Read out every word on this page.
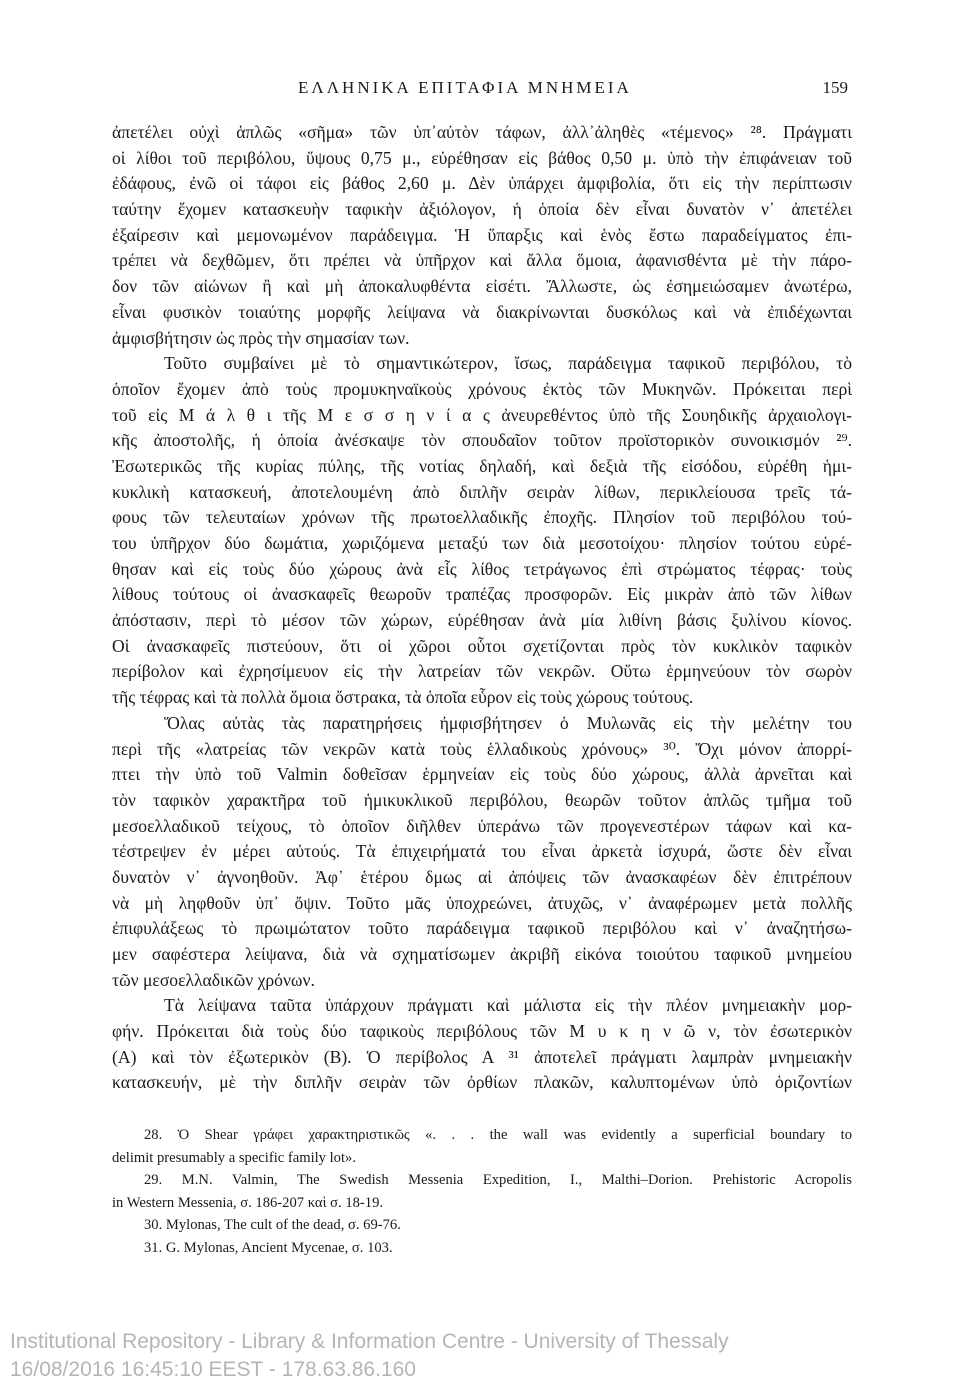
ΕΛΛΗΝΙΚΑ ΕΠΙΤΑΦΙΑ ΜΝΗΜΕΙΑ	159
ἀπετέλει οὐχὶ ἁπλῶς «σῆμα» τῶν ὑπ᾽αὐτὸν τάφων, ἀλλ᾽ἀληθὲς «τέμενος» ²⁸. Πράγματι
οἱ λίθοι τοῦ περιβόλου, ὕψους 0,75 μ., εὑρέθησαν εἰς βάθος 0,50 μ. ὑπὸ τὴν ἐπιφάνειαν τοῦ
ἐδάφους, ἐνῶ οἱ τάφοι εἰς βάθος 2,60 μ. Δὲν ὑπάρχει ἀμφιβολία, ὅτι εἰς τὴν περίπτωσιν
ταύτην ἔχομεν κατασκευὴν ταφικὴν ἀξιόλογον, ἡ ὁποία δὲν εἶναι δυνατὸν ν᾽ ἀπετέλει
ἐξαίρεσιν καὶ μεμονωμένον παράδειγμα. Ἡ ὕπαρξις καὶ ἑνὸς ἔστω παραδείγματος ἐπι-
τρέπει νὰ δεχθῶμεν, ὅτι πρέπει νὰ ὑπῆρχον καὶ ἄλλα ὅμοια, ἀφανισθέντα μὲ τὴν πάρο-
δον τῶν αἰώνων ἢ καὶ μὴ ἀποκαλυφθέντα εἰσέτι. Ἄλλωστε, ὡς ἐσημειώσαμεν ἀνωτέρω,
εἶναι φυσικὸν τοιαύτης μορφῆς λείψανα νὰ διακρίνωνται δυσκόλως καὶ νὰ ἐπιδέχωνται
ἀμφισβήτησιν ὡς πρὸς τὴν σημασίαν των.
Τοῦτο συμβαίνει μὲ τὸ σημαντικώτερον, ἴσως, παράδειγμα ταφικοῦ περιβόλου, τὸ
ὁποῖον ἔχομεν ἀπὸ τοὺς προμυκηναϊκοὺς χρόνους ἐκτὸς τῶν Μυκηνῶν. Πρόκειται περὶ
τοῦ εἰς Μ ά λ θ ι τῆς Μ ε σ σ η ν ί α ς ἀνευρεθέντος ὑπὸ τῆς Σουηδικῆς ἀρχαιολογι-
κῆς ἀποστολῆς, ἡ ὁποία ἀνέσκαψε τὸν σπουδαῖον τοῦτον προϊστορικὸν συνοικισμόν ²⁹.
Ἐσωτερικῶς τῆς κυρίας πύλης, τῆς νοτίας δηλαδή, καὶ δεξιὰ τῆς εἰσόδου, εὑρέθη ἡμι-
κυκλικὴ κατασκευή, ἀποτελουμένη ἀπὸ διπλῆν σειρὰν λίθων, περικλείουσα τρεῖς τά-
φους τῶν τελευταίων χρόνων τῆς πρωτοελλαδικῆς ἐποχῆς. Πλησίον τοῦ περιβόλου τού-
του ὑπῆρχον δύο δωμάτια, χωριζόμενα μεταξύ των διὰ μεσοτοίχου· πλησίον τούτου εὑρέ-
θησαν καὶ εἰς τοὺς δύο χώρους ἀνὰ εἷς λίθος τετράγωνος ἐπὶ στρώματος τέφρας· τοὺς
λίθους τούτους οἱ ἀνασκαφεῖς θεωροῦν τραπέζας προσφορῶν. Εἰς μικρὰν ἀπὸ τῶν λίθων
ἀπόστασιν, περὶ τὸ μέσον τῶν χώρων, εὑρέθησαν ἀνὰ μία λιθίνη βάσις ξυλίνου κίονος.
Οἱ ἀνασκαφεῖς πιστεύουν, ὅτι οἱ χῶροι οὗτοι σχετίζονται πρὸς τὸν κυκλικὸν ταφικὸν
περίβολον καὶ ἐχρησίμευον εἰς τὴν λατρείαν τῶν νεκρῶν. Οὕτω ἑρμηνεύουν τὸν σωρὸν
τῆς τέφρας καὶ τὰ πολλὰ ὅμοια ὄστρακα, τὰ ὁποῖα εὗρον εἰς τοὺς χώρους τούτους.
Ὅλας αὐτὰς τὰς παρατηρήσεις ἠμφισβήτησεν ὁ Μυλωνᾶς εἰς τὴν μελέτην του
περὶ τῆς «λατρείας τῶν νεκρῶν κατὰ τοὺς ἑλλαδικοὺς χρόνους» ³⁰. Ὄχι μόνον ἀπορρί-
πτει τὴν ὑπὸ τοῦ Valmin δοθεῖσαν ἑρμηνείαν εἰς τοὺς δύο χώρους, ἀλλὰ ἀρνεῖται καὶ
τὸν ταφικὸν χαρακτῆρα τοῦ ἡμικυκλικοῦ περιβόλου, θεωρῶν τοῦτον ἁπλῶς τμῆμα τοῦ
μεσοελλαδικοῦ τείχους, τὸ ὁποῖον διῆλθεν ὑπεράνω τῶν προγενεστέρων τάφων καὶ κα-
τέστρεψεν ἐν μέρει αὐτούς. Τὰ ἐπιχειρήματά του εἶναι ἀρκετὰ ἰσχυρά, ὥστε δὲν εἶναι
δυνατὸν ν᾽ ἀγνοηθοῦν. Ἀφ᾽ ἑτέρου δμως αἱ ἀπόψεις τῶν ἀνασκαφέων δὲν ἐπιτρέπουν
νὰ μὴ ληφθοῦν ὑπ᾽ ὄψιν. Τοῦτο μᾶς ὑποχρεώνει, ἀτυχῶς, ν᾽ ἀναφέρωμεν μετὰ πολλῆς
ἐπιφυλάξεως τὸ πρωιμώτατον τοῦτο παράδειγμα ταφικοῦ περιβόλου καὶ ν᾽ ἀναζητήσω-
μεν σαφέστερα λείψανα, διὰ νὰ σχηματίσωμεν ἀκριβῆ εἰκόνα τοιούτου ταφικοῦ μνημείου
τῶν μεσοελλαδικῶν χρόνων.
Τὰ λείψανα ταῦτα ὑπάρχουν πράγματι καὶ μάλιστα εἰς τὴν πλέον μνημειακὴν μορ-
φήν. Πρόκειται διὰ τοὺς δύο ταφικοὺς περιβόλους τῶν Μ υ κ η ν ῶ ν, τὸν ἐσωτερικὸν
(Α) καὶ τὸν ἐξωτερικὸν (Β). Ὁ περίβολος Α ³¹ ἀποτελεῖ πράγματι λαμπρὰν μνημειακὴν
κατασκευήν, μὲ τὴν διπλῆν σειρὰν τῶν ὀρθίων πλακῶν, καλυπτομένων ὑπὸ ὁριζοντίων
28. Ὁ Shear γράφει χαρακτηριστικῶς «. . . the wall was evidently a superficial boundary to
delimit presumably a specific family lot».
29. M.N. Valmin, The Swedish Messenia Expedition, I., Malthi–Dorion. Prehistoric Acropolis
in Western Messenia, σ. 186-207 καὶ σ. 18-19.
30. Mylonas, The cult of the dead, σ. 69-76.
31. G. Mylonas, Ancient Mycenae, σ. 103.
Institutional Repository - Library & Information Centre - University of Thessaly
16/08/2016 16:45:10 EEST - 178.63.86.160
